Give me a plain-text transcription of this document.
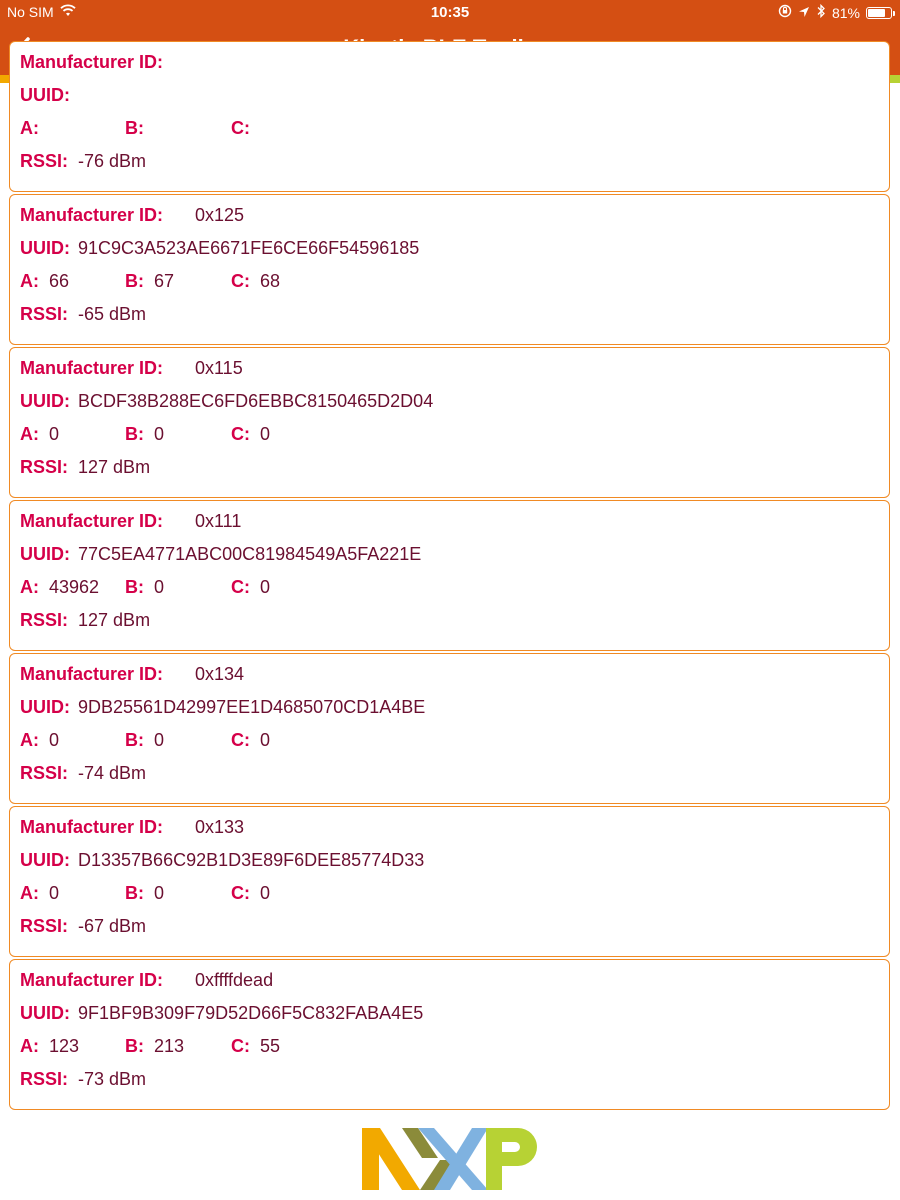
No SIM	10:35	81%
Manufacturer ID:
UUID:
A:	B:	C:
RSSI: -76 dBm
Manufacturer ID: 0x125
UUID: 91C9C3A523AE6671FE6CE66F54596185
A: 66	B: 67	C: 68
RSSI: -65 dBm
Manufacturer ID: 0x115
UUID: BCDF38B288EC6FD6EBBC8150465D2D04
A: 0	B: 0	C: 0
RSSI: 127 dBm
Manufacturer ID: 0x111
UUID: 77C5EA4771ABC00C81984549A5FA221E
A: 43962 B: 0	C: 0
RSSI: 127 dBm
Manufacturer ID: 0x134
UUID: 9DB25561D42997EE1D4685070CD1A4BE
A: 0	B: 0	C: 0
RSSI: -74 dBm
Manufacturer ID: 0x133
UUID: D13357B66C92B1D3E89F6DEE85774D33
A: 0	B: 0	C: 0
RSSI: -67 dBm
Manufacturer ID: 0xffffdead
UUID: 9F1BF9B309F79D52D66F5C832FABA4E5
A: 123	B: 213	C: 55
RSSI: -73 dBm
